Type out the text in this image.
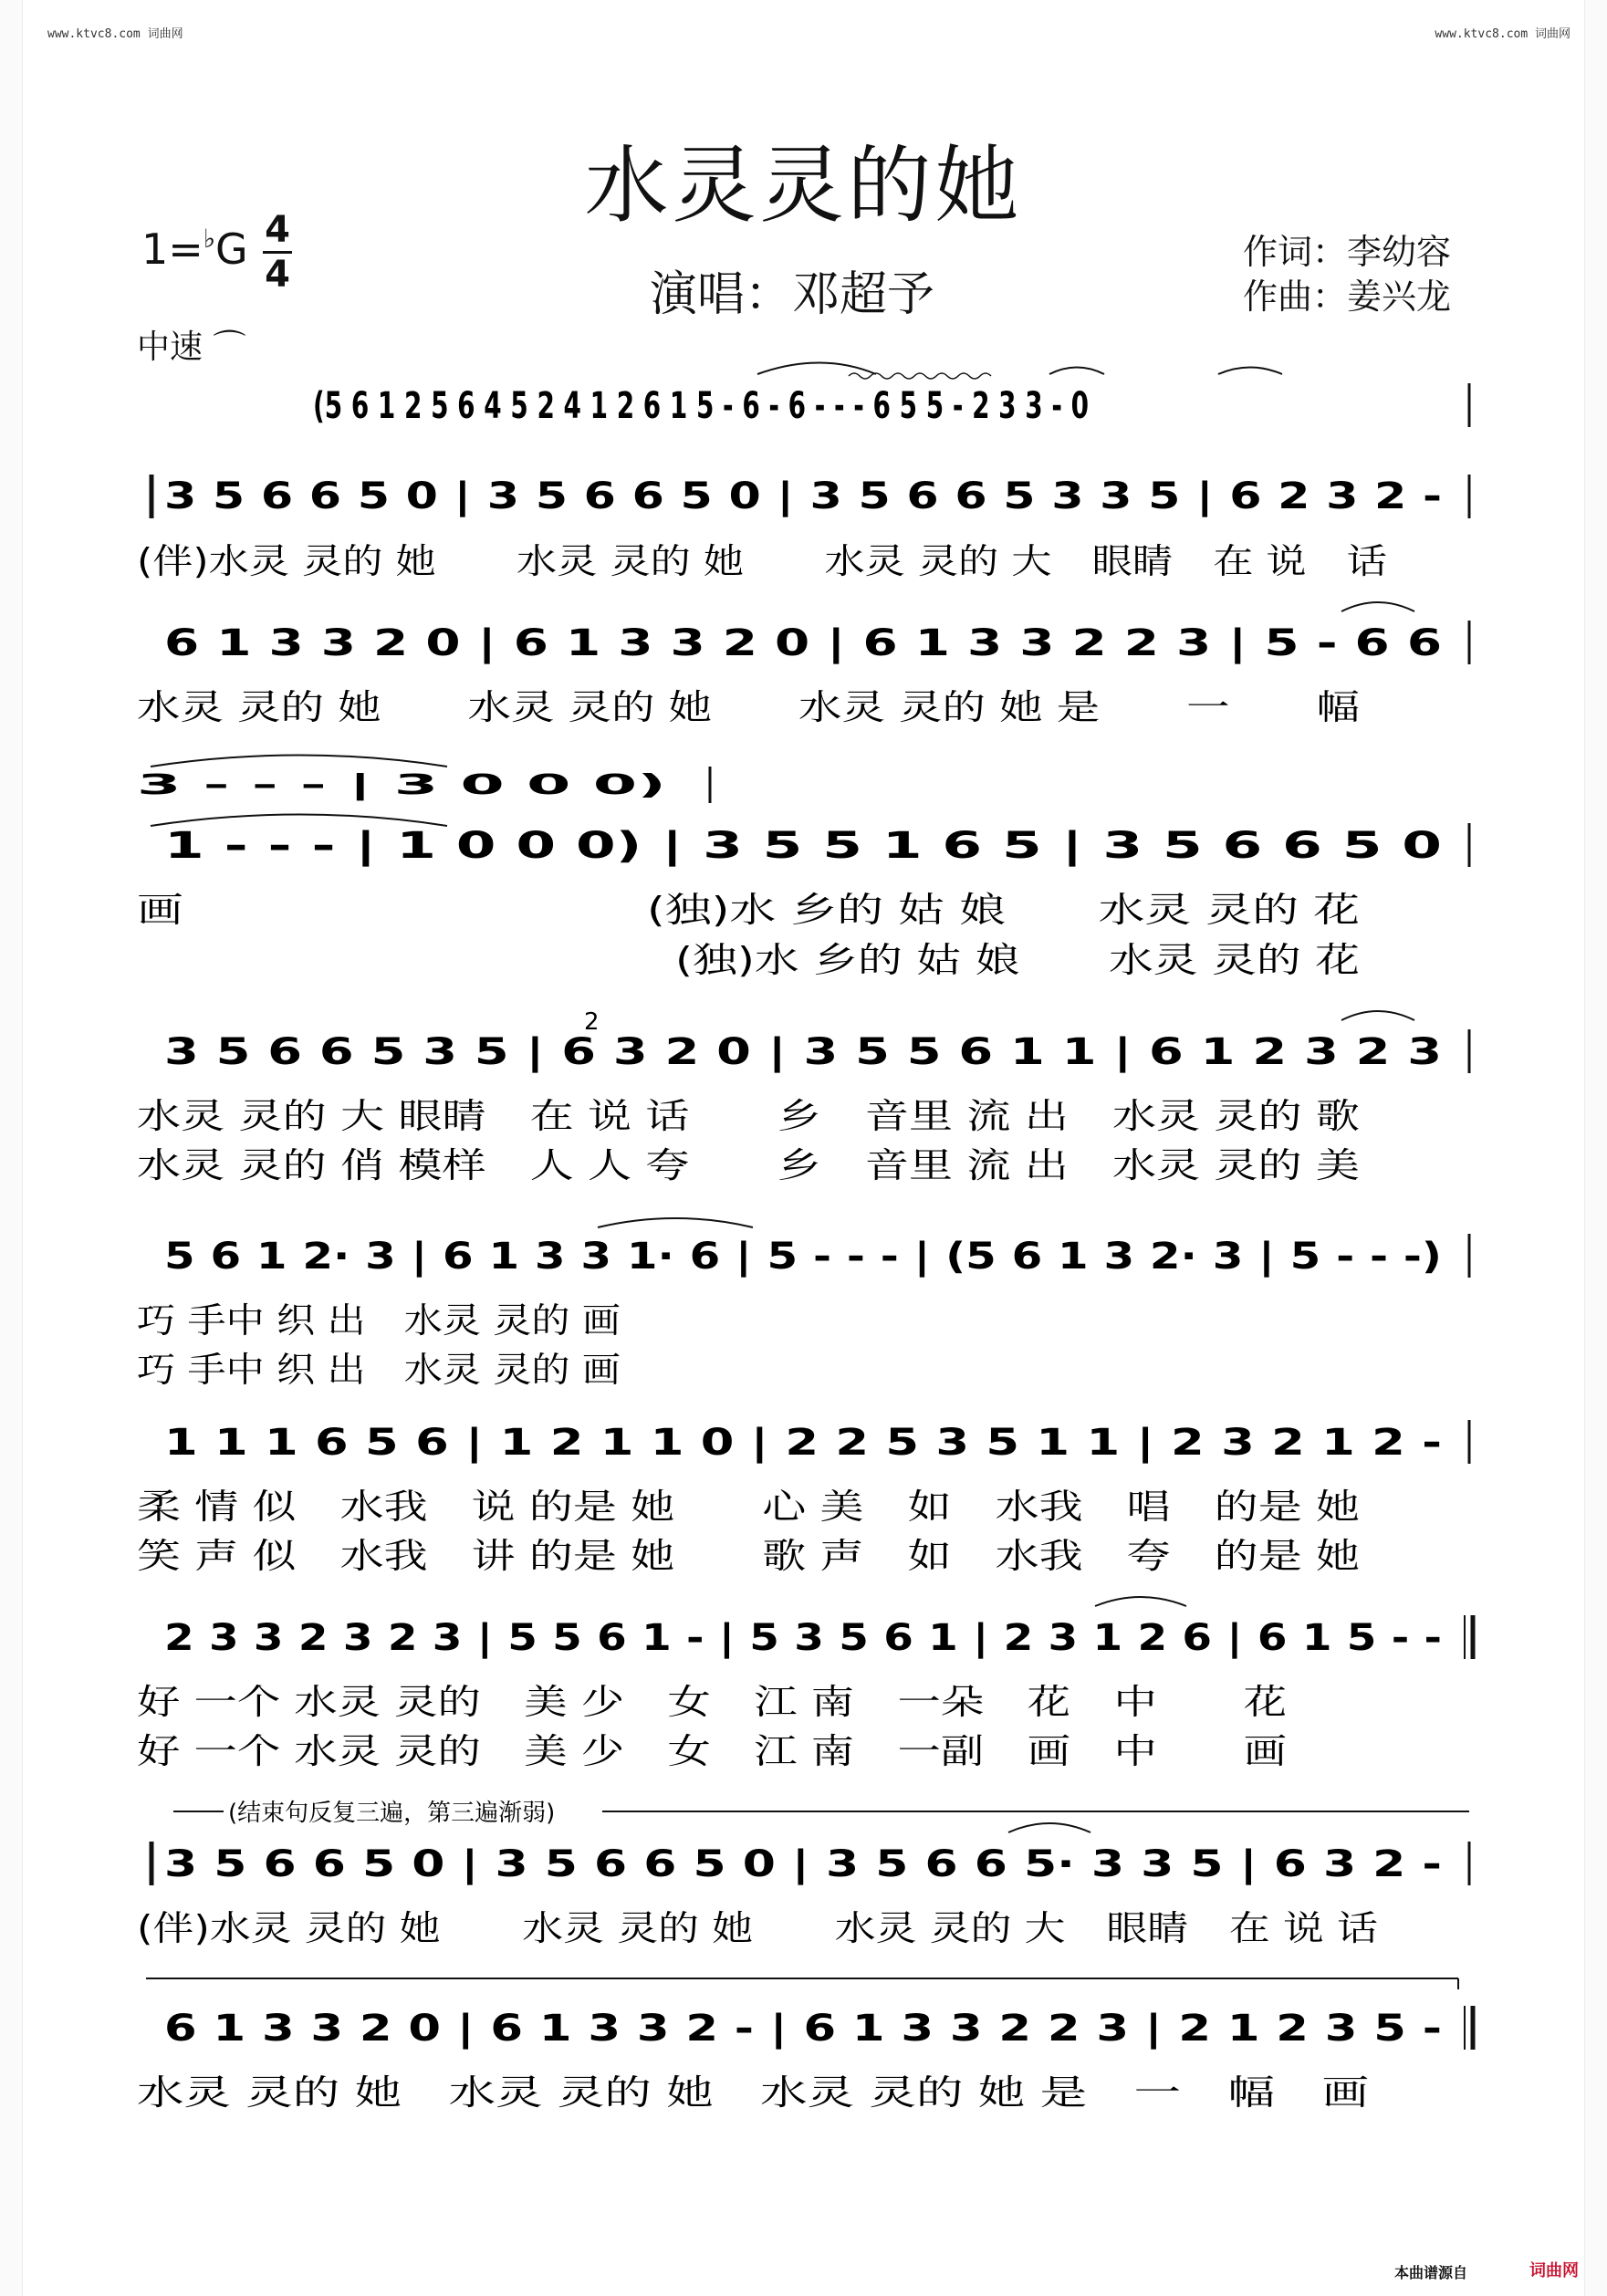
www.ktvc8.com 词曲网	www.ktvc8.com 词曲网
水灵灵的她
1=♭G 4
4	演唱：邓超予
作词：李幼容
作曲：姜兴龙
中速 ⌒
(5 6 1 2 5 6 4 5 2 4 1 2 6 1 5 - 6 - 6 - - - 6 5 5 - 2 3 3 - 0
3 5 6 6 5 0 | 3 5 6 6 5 0 | 3 5 6 6 5 3 3 5 | 6 2 3 2 -
(伴)水灵 灵的 她　　水灵 灵的 她　　水灵 灵的 大　眼睛　在 说　话
6 1 3 3 2 0 | 6 1 3 3 2 0 | 6 1 3 3 2 2 3 | 5 - 6 6
水灵 灵的 她　　水灵 灵的 她　　水灵 灵的 她 是　　一　　幅
3 - - - | 3 0 0 0)
1 - - - | 1 0 0 0) | 3 5 5 1 6 5 | 3 5 6 6 5 0
画　　　　　　　　　　(独)水 乡的 姑 娘　　水灵 灵的 花
(独)水 乡的 姑 娘　　水灵 灵的 花
3 5 6 6 5 3 5 | 6 3 2 0 | 3 5 5 6 1 1 | 6 1 2 3 2 3
2
水灵 灵的 大 眼睛　在 说 话　　乡　音里 流 出　水灵 灵的 歌
水灵 灵的 俏 模样　人 人 夸　　乡　音里 流 出　水灵 灵的 美
5 6 1 2· 3 | 6 1 3 3 1· 6 | 5 - - - | (5 6 1 3 2· 3 | 5 - - -)
巧 手中 织 出　水灵 灵的 画
巧 手中 织 出　水灵 灵的 画
1 1 1 6 5 6 | 1 2 1 1 0 | 2 2 5 3 5 1 1 | 2 3 2 1 2 -
柔 情 似　水我　说 的是 她　　心 美　如　水我　唱　的是 她
笑 声 似　水我　讲 的是 她　　歌 声　如　水我　夸　的是 她
2 3 3 2 3 2 3 | 5 5 6 1 - | 5 3 5 6 1 | 2 3 1 2 6 | 6 1 5 - -
好 一个 水灵 灵的　美 少　女　江 南　一朵　花　中　　花
好 一个 水灵 灵的　美 少　女　江 南　一副　画　中　　画
(结束句反复三遍，第三遍渐弱)
3 5 6 6 5 0 | 3 5 6 6 5 0 | 3 5 6 6 5· 3 3 5 | 6 3 2 -
(伴)水灵 灵的 她　　水灵 灵的 她　　水灵 灵的 大　眼睛　在 说 话
6 1 3 3 2 0 | 6 1 3 3 2 - | 6 1 3 3 2 2 3 | 2 1 2 3 5 -
水灵 灵的 她　水灵 灵的 她　水灵 灵的 她 是　一　幅　画
本曲谱源自	词曲网
